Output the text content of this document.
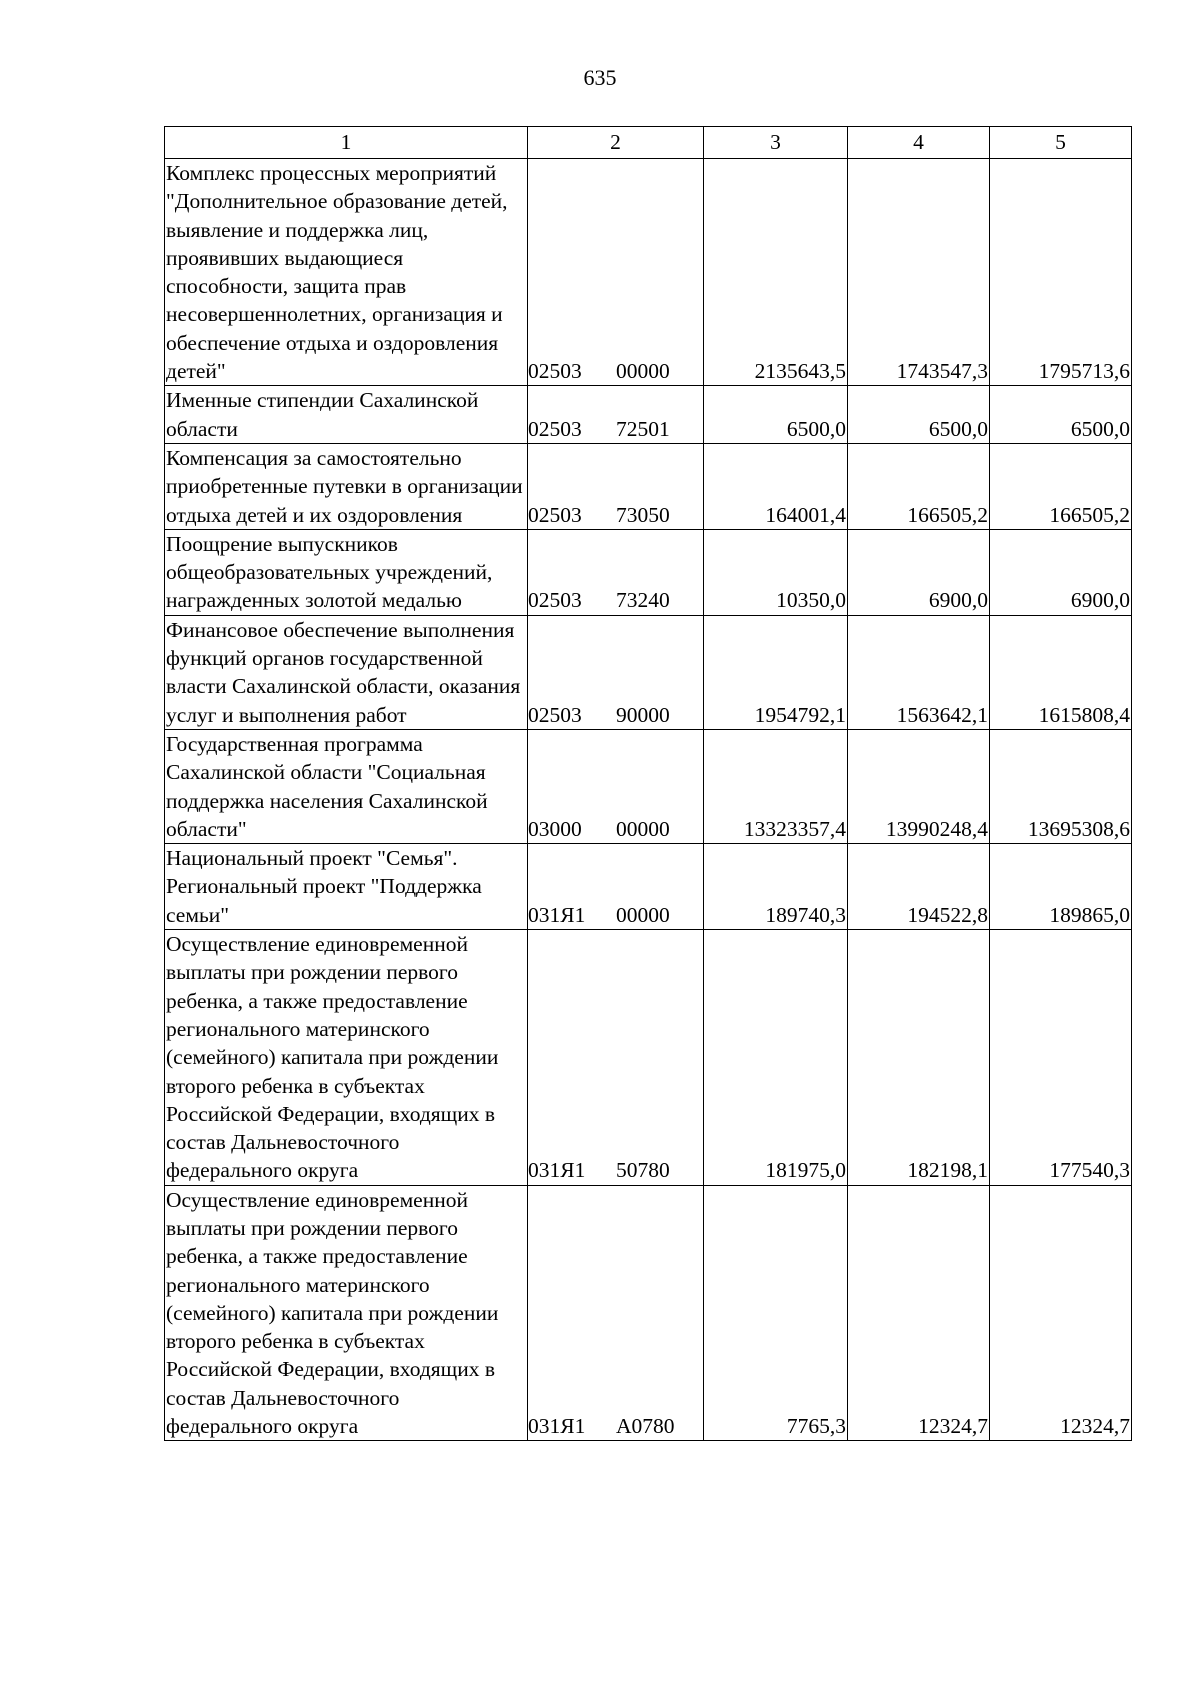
635
1	2	3	4	5
Комплекс процессных мероприятий "Дополнительное образование детей, выявление и поддержка лиц, проявивших выдающиеся способности, защита прав несовершеннолетних, организация и обеспечение отдыха и оздоровления детей"	02503 00000	2135643,5	1743547,3	1795713,6
Именные стипендии Сахалинской области	02503 72501	6500,0	6500,0	6500,0
Компенсация за самостоятельно приобретенные путевки в организации отдыха детей и их оздоровления	02503 73050	164001,4	166505,2	166505,2
Поощрение выпускников общеобразовательных учреждений, награжденных золотой медалью	02503 73240	10350,0	6900,0	6900,0
Финансовое обеспечение выполнения функций органов государственной власти Сахалинской области, оказания услуг и выполнения работ	02503 90000	1954792,1	1563642,1	1615808,4
Государственная программа Сахалинской области "Социальная поддержка населения Сахалинской области"	03000 00000	13323357,4	13990248,4	13695308,6
Национальный проект "Семья". Региональный проект "Поддержка семьи"	031Я1 00000	189740,3	194522,8	189865,0
Осуществление единовременной выплаты при рождении первого ребенка, а также предоставление регионального материнского (семейного) капитала при рождении второго ребенка в субъектах Российской Федерации, входящих в состав Дальневосточного федерального округа	031Я1 50780	181975,0	182198,1	177540,3
Осуществление единовременной выплаты при рождении первого ребенка, а также предоставление регионального материнского (семейного) капитала при рождении второго ребенка в субъектах Российской Федерации, входящих в состав Дальневосточного федерального округа	031Я1 А0780	7765,3	12324,7	12324,7
